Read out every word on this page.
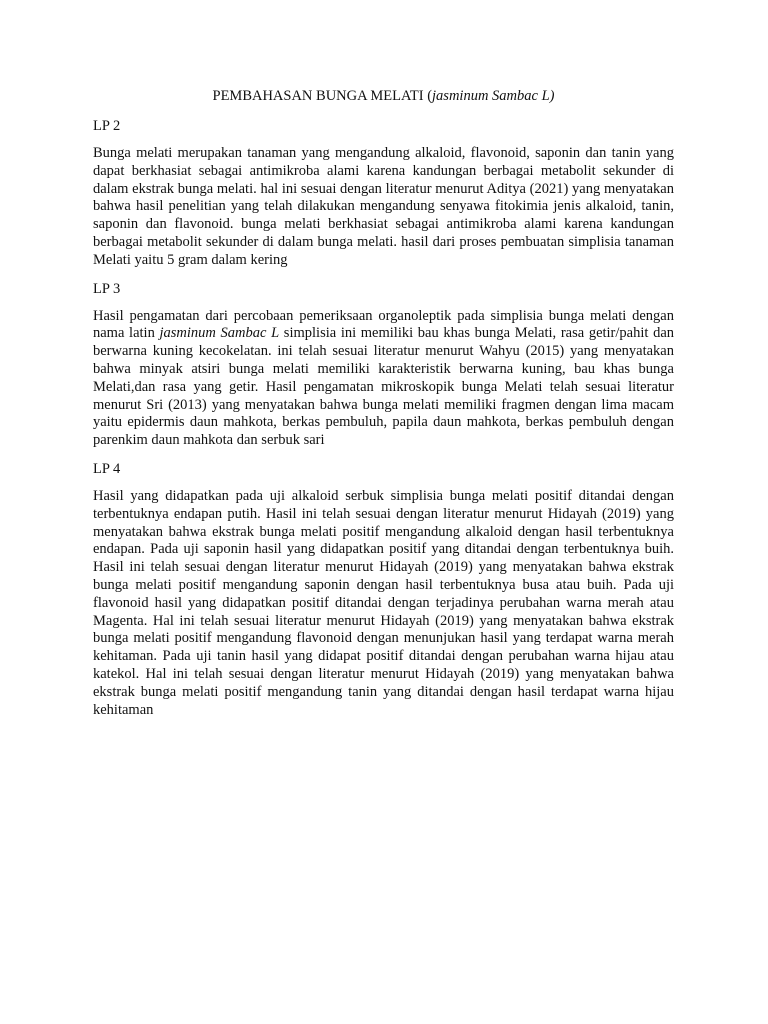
PEMBAHASAN BUNGA MELATI (jasminum Sambac L)
LP 2

Bunga melati merupakan tanaman yang mengandung alkaloid, flavonoid, saponin dan tanin yang dapat berkhasiat sebagai antimikroba alami karena kandungan berbagai metabolit sekunder di dalam ekstrak bunga melati. hal ini sesuai dengan literatur menurut Aditya (2021) yang menyatakan bahwa hasil penelitian yang telah dilakukan mengandung senyawa fitokimia jenis alkaloid, tanin, saponin dan flavonoid. bunga melati berkhasiat sebagai antimikroba alami karena kandungan berbagai metabolit sekunder di dalam bunga melati. hasil dari proses pembuatan simplisia tanaman Melati yaitu 5 gram dalam kering

LP 3

Hasil pengamatan dari percobaan pemeriksaan organoleptik pada simplisia bunga melati dengan nama latin jasminum Sambac L simplisia ini memiliki bau khas bunga Melati, rasa getir/pahit dan berwarna kuning kecokelatan. ini telah sesuai literatur menurut Wahyu (2015) yang menyatakan bahwa minyak atsiri bunga melati memiliki karakteristik berwarna kuning, bau khas bunga Melati,dan rasa yang getir. Hasil pengamatan mikroskopik bunga Melati telah sesuai literatur menurut Sri (2013) yang menyatakan bahwa bunga melati memiliki fragmen dengan lima macam yaitu epidermis daun mahkota, berkas pembuluh, papila daun mahkota, berkas pembuluh dengan parenkim daun mahkota dan serbuk sari

LP 4

Hasil yang didapatkan pada uji alkaloid serbuk simplisia bunga melati positif ditandai dengan terbentuknya endapan putih. Hasil ini telah sesuai dengan literatur menurut Hidayah (2019) yang menyatakan bahwa ekstrak bunga melati positif mengandung alkaloid dengan hasil terbentuknya endapan. Pada uji saponin hasil yang didapatkan positif yang ditandai dengan terbentuknya buih. Hasil ini telah sesuai dengan literatur menurut Hidayah (2019) yang menyatakan bahwa ekstrak bunga melati positif mengandung saponin dengan hasil terbentuknya busa atau buih. Pada uji flavonoid hasil yang didapatkan positif ditandai dengan terjadinya perubahan warna merah atau Magenta. Hal ini telah sesuai literatur menurut Hidayah (2019) yang menyatakan bahwa ekstrak bunga melati positif mengandung flavonoid dengan menunjukan hasil yang terdapat warna merah kehitaman. Pada uji tanin hasil yang didapat positif ditandai dengan perubahan warna hijau atau katekol. Hal ini telah sesuai dengan literatur menurut Hidayah (2019) yang menyatakan bahwa ekstrak bunga melati positif mengandung tanin yang ditandai dengan hasil terdapat warna hijau kehitaman
